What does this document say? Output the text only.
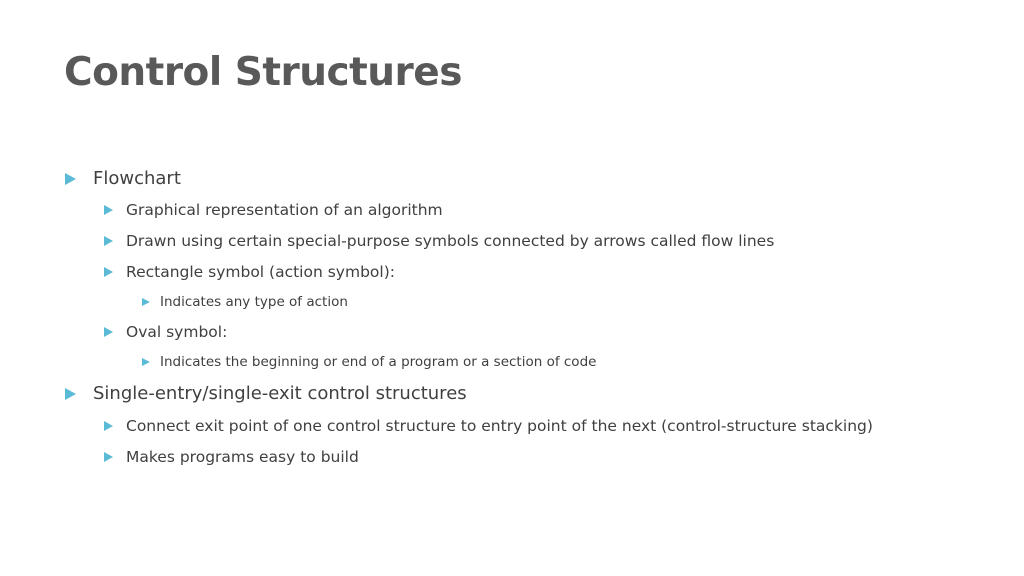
Control Structures
Flowchart
Graphical representation of an algorithm
Drawn using certain special-purpose symbols connected by arrows called flow lines
Rectangle symbol (action symbol):
Indicates any type of action
Oval symbol:
Indicates the beginning or end of a program or a section of code
Single-entry/single-exit control structures
Connect exit point of one control structure to entry point of the next (control-structure stacking)
Makes programs easy to build
